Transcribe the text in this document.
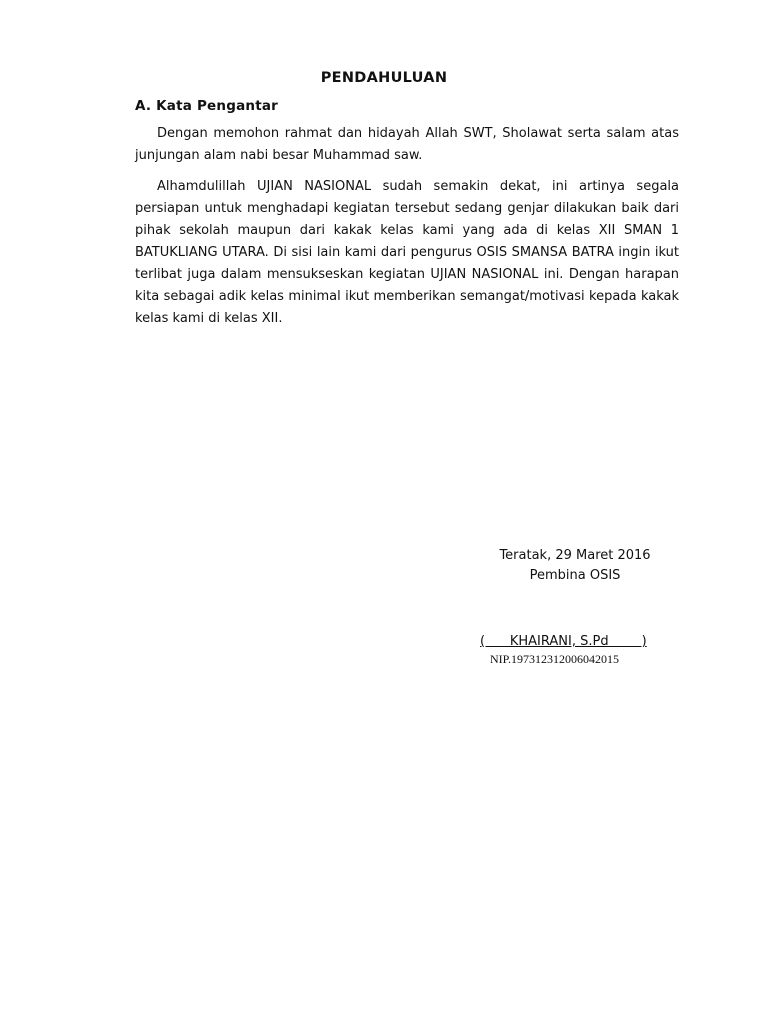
PENDAHULUAN
A. Kata Pengantar
Dengan memohon rahmat dan hidayah Allah SWT, Sholawat serta salam atas junjungan alam nabi besar Muhammad saw.
Alhamdulillah UJIAN NASIONAL sudah semakin dekat, ini artinya segala persiapan untuk menghadapi kegiatan tersebut sedang genjar dilakukan baik dari pihak sekolah maupun dari kakak kelas kami yang ada di kelas XII SMAN 1 BATUKLIANG UTARA. Di sisi lain kami dari pengurus OSIS SMANSA BATRA ingin ikut terlibat juga dalam mensukseskan kegiatan UJIAN NASIONAL ini. Dengan harapan kita sebagai adik kelas minimal ikut memberikan semangat/motivasi kepada kakak kelas kami di kelas XII.
Teratak, 29 Maret 2016
Pembina OSIS
(      KHAIRANI, S.Pd        )
NIP.197312312006042015
